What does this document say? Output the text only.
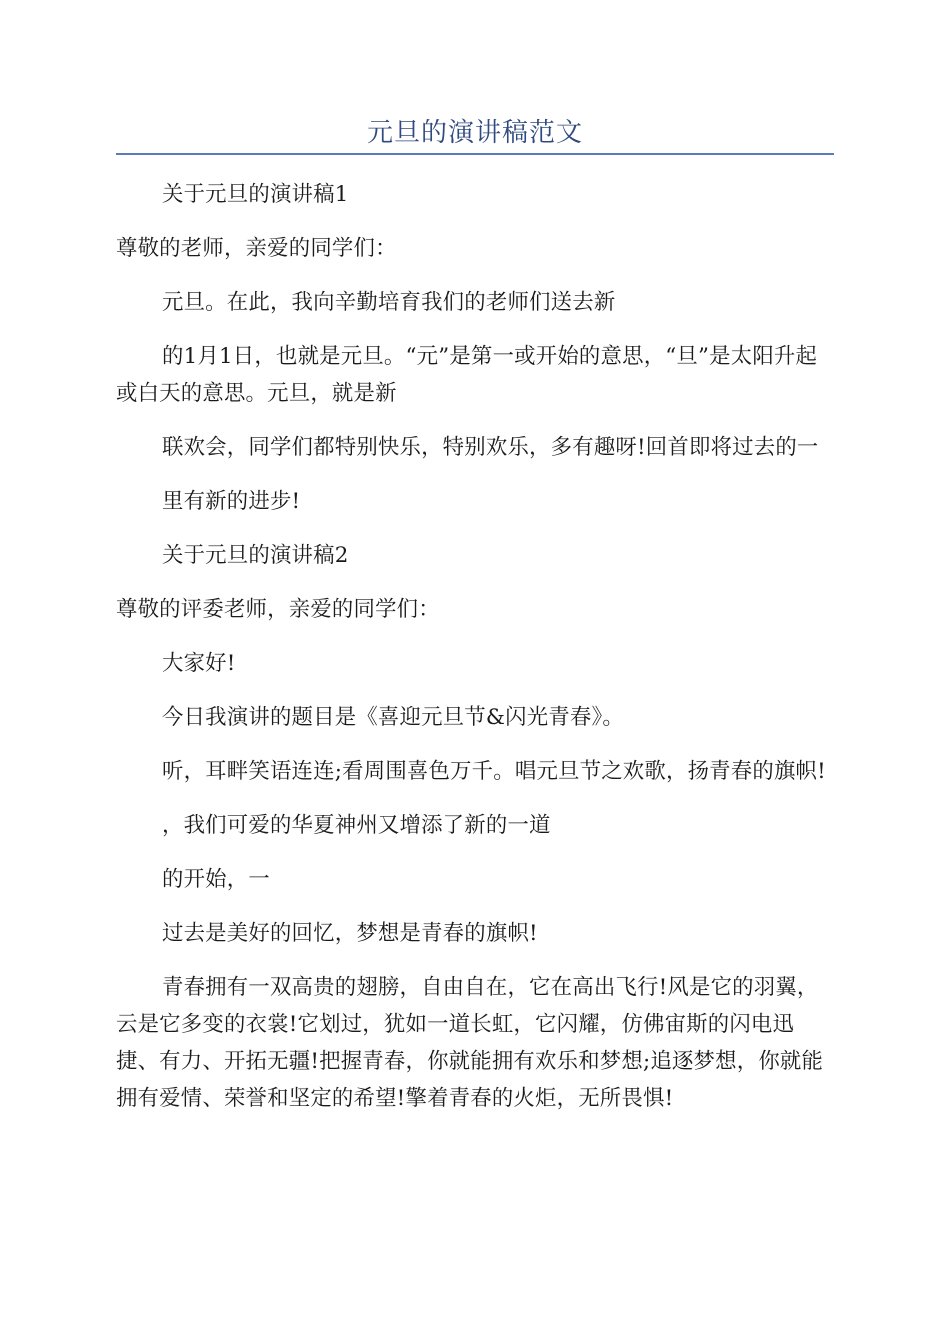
元旦的演讲稿范文

关于元旦的演讲稿1

尊敬的老师，亲爱的同学们：

元旦。在此，我向辛勤培育我们的老师们送去新

的1月1日，也就是元旦。“元”是第一或开始的意思，“旦”是太阳升起或白天的意思。元旦，就是新

联欢会，同学们都特别快乐，特别欢乐，多有趣呀!回首即将过去的一

里有新的进步!

关于元旦的演讲稿2

尊敬的评委老师，亲爱的同学们：

大家好!

今日我演讲的题目是《喜迎元旦节&闪光青春》。

听，耳畔笑语连连;看周围喜色万千。唱元旦节之欢歌，扬青春的旗帜!

，我们可爱的华夏神州又增添了新的一道

的开始，一

过去是美好的回忆，梦想是青春的旗帜!

青春拥有一双高贵的翅膀，自由自在，它在高出飞行!风是它的羽翼，云是它多变的衣裳!它划过，犹如一道长虹，它闪耀，仿佛宙斯的闪电迅捷、有力、开拓无疆!把握青春，你就能拥有欢乐和梦想;追逐梦想，你就能拥有爱情、荣誉和坚定的希望!擎着青春的火炬，无所畏惧!
